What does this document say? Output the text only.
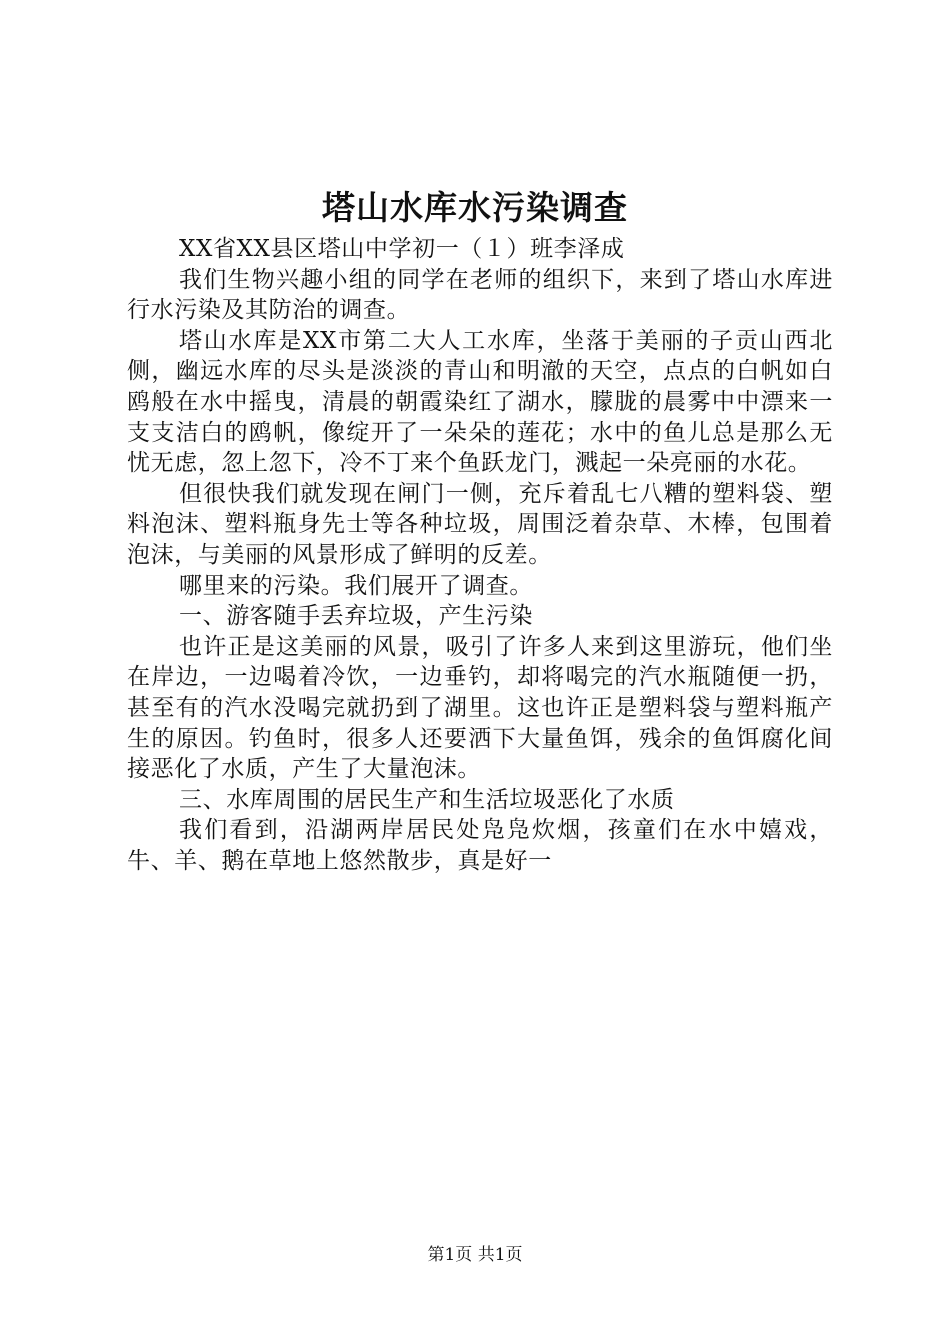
塔山水库水污染调查

XX省XX县区塔山中学初一（１）班李泽成

我们生物兴趣小组的同学在老师的组织下，来到了塔山水库进行水污染及其防治的调查。

塔山水库是XX市第二大人工水库，坐落于美丽的子贡山西北侧，幽远水库的尽头是淡淡的青山和明澈的天空，点点的白帆如白鸥般在水中摇曳，清晨的朝霞染红了湖水，朦胧的晨雾中中漂来一支支洁白的鸥帆，像绽开了一朵朵的莲花；水中的鱼儿总是那么无忧无虑，忽上忽下，冷不丁来个鱼跃龙门，溅起一朵亮丽的水花。

但很快我们就发现在闸门一侧，充斥着乱七八糟的塑料袋、塑料泡沫、塑料瓶身先士等各种垃圾，周围泛着杂草、木棒，包围着泡沫，与美丽的风景形成了鲜明的反差。

哪里来的污染。我们展开了调查。

一、游客随手丢弃垃圾，产生污染

也许正是这美丽的风景，吸引了许多人来到这里游玩，他们坐在岸边，一边喝着冷饮，一边垂钓，却将喝完的汽水瓶随便一扔，甚至有的汽水没喝完就扔到了湖里。这也许正是塑料袋与塑料瓶产生的原因。钓鱼时，很多人还要洒下大量鱼饵，残余的鱼饵腐化间接恶化了水质，产生了大量泡沫。

三、水库周围的居民生产和生活垃圾恶化了水质

我们看到，沿湖两岸居民处凫凫炊烟，孩童们在水中嬉戏，牛、羊、鹅在草地上悠然散步，真是好一

第1页 共1页
